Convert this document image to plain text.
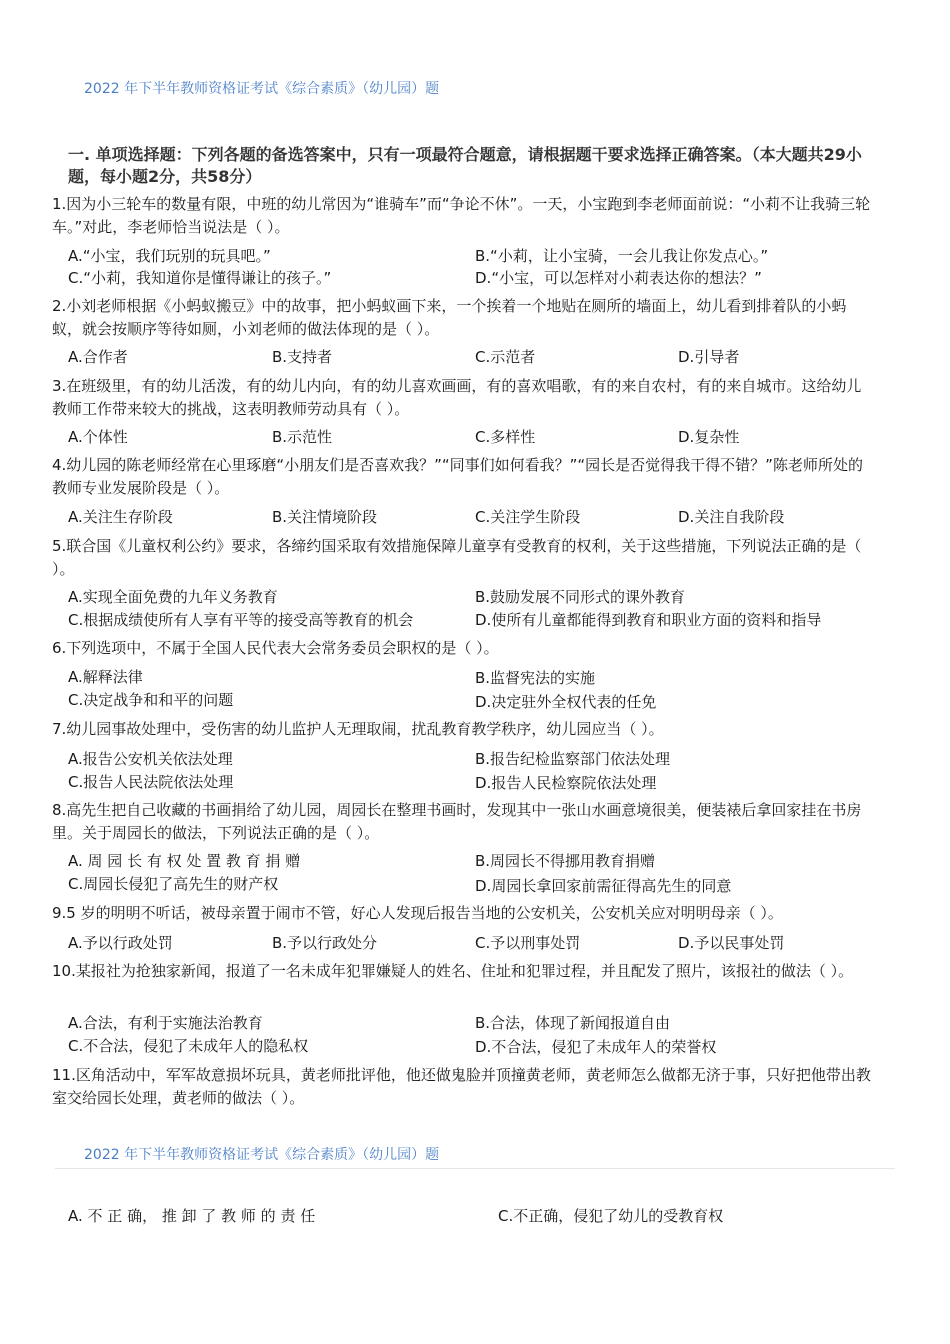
2022 年下半年教师资格证考试《综合素质》（幼儿园）题
一. 单项选择题：下列各题的备选答案中，只有一项最符合题意，请根据题干要求选择正确答案。（本大题共29小题，每小题2分，共58分）
1.因为小三轮车的数量有限，中班的幼儿常因为“谁骑车”而“争论不休”。一天，小宝跑到李老师面前说：“小莉不让我骑三轮车。”对此，李老师恰当说法是（ ）。
A.“小宝，我们玩别的玩具吧。”	B.“小莉，让小宝骑，一会儿我让你发点心。”
C.“小莉，我知道你是懂得谦让的孩子。”	D.“小宝，可以怎样对小莉表达你的想法？”
2.小刘老师根据《小蚂蚁搬豆》中的故事，把小蚂蚁画下来，一个挨着一个地贴在厕所的墙面上，幼儿看到排着队的小蚂蚁，就会按顺序等待如厕，小刘老师的做法体现的是（ ）。
A.合作者	B.支持者	C.示范者	D.引导者
3.在班级里，有的幼儿活泼，有的幼儿内向，有的幼儿喜欢画画，有的喜欢唱歌，有的来自农村，有的来自城市。这给幼儿教师工作带来较大的挑战，这表明教师劳动具有（ ）。
A.个体性	B.示范性	C.多样性	D.复杂性
4.幼儿园的陈老师经常在心里琢磨“小朋友们是否喜欢我？”“同事们如何看我？”“园长是否觉得我干得不错？”陈老师所处的教师专业发展阶段是（ ）。
A.关注生存阶段	B.关注情境阶段	C.关注学生阶段	D.关注自我阶段
5.联合国《儿童权利公约》要求，各缔约国采取有效措施保障儿童享有受教育的权利，关于这些措施，下列说法正确的是（ ）。
A.实现全面免费的九年义务教育	B.鼓励发展不同形式的课外教育
C.根据成绩使所有人享有平等的接受高等教育的机会	D.使所有儿童都能得到教育和职业方面的资料和指导
6.下列选项中，不属于全国人民代表大会常务委员会职权的是（ ）。
A.解释法律	B.监督宪法的实施
C.决定战争和和平的问题	D.决定驻外全权代表的任免
7.幼儿园事故处理中，受伤害的幼儿监护人无理取闹，扰乱教育教学秩序，幼儿园应当（ ）。
A.报告公安机关依法处理	B.报告纪检监察部门依法处理
C.报告人民法院依法处理	D.报告人民检察院依法处理
8.高先生把自己收藏的书画捐给了幼儿园，周园长在整理书画时，发现其中一张山水画意境很美，便装裱后拿回家挂在书房里。关于周园长的做法，下列说法正确的是（ ）。
A. 周 园 长 有 权 处 置 教 育 捐 赠	B.周园长不得挪用教育捐赠
C.周园长侵犯了高先生的财产权	D.周园长拿回家前需征得高先生的同意
9.5 岁的明明不听话，被母亲置于闹市不管，好心人发现后报告当地的公安机关，公安机关应对明明母亲（ ）。
A.予以行政处罚	B.予以行政处分	C.予以刑事处罚	D.予以民事处罚
10.某报社为抢独家新闻，报道了一名未成年犯罪嫌疑人的姓名、住址和犯罪过程，并且配发了照片，该报社的做法（ ）。
A.合法，有利于实施法治教育	B.合法，体现了新闻报道自由
C.不合法，侵犯了未成年人的隐私权	D.不合法，侵犯了未成年人的荣誉权
11.区角活动中，军军故意损坏玩具，黄老师批评他，他还做鬼脸并顶撞黄老师，黄老师怎么做都无济于事，只好把他带出教室交给园长处理，黄老师的做法（ ）。
2022 年下半年教师资格证考试《综合素质》（幼儿园）题
A. 不 正 确， 推 卸 了 教 师 的 责 任	C.不正确，侵犯了幼儿的受教育权
